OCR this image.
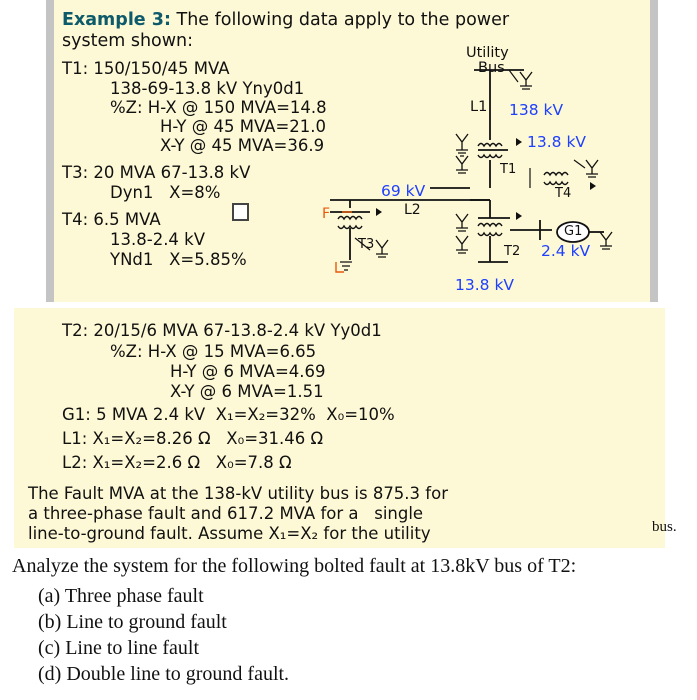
Example 3: The following data apply to the power
system shown:
T1: 150/150/45 MVA
138-69-13.8 kV Yny0d1
%Z: H-X @ 150 MVA=14.8
H-Y @ 45 MVA=21.0
X-Y @ 45 MVA=36.9
T3: 20 MVA 67-13.8 kV
Dyn1   X=8%
T4: 6.5 MVA
13.8-2.4 kV
YNd1   X=5.85%
Utility
Bus
L1 138 kV
13.8 kV
T1
T4
69 kV
L2
F
T3
G1
T2 2.4 kV
13.8 kV
T2: 20/15/6 MVA 67-13.8-2.4 kV Yy0d1
%Z: H-X @ 15 MVA=6.65
H-Y @ 6 MVA=4.69
X-Y @ 6 MVA=1.51
G1: 5 MVA 2.4 kV  X₁=X₂=32%  X₀=10%
L1: X₁=X₂=8.26 Ω   X₀=31.46 Ω
L2: X₁=X₂=2.6 Ω   X₀=7.8 Ω
The Fault MVA at the 138-kV utility bus is 875.3 for
a three-phase fault and 617.2 MVA for a   single
line-to-ground fault. Assume X₁=X₂ for the utility	bus.
Analyze the system for the following bolted fault at 13.8kV bus of T2:
(a) Three phase fault
(b) Line to ground fault
(c) Line to line fault
(d) Double line to ground fault.
